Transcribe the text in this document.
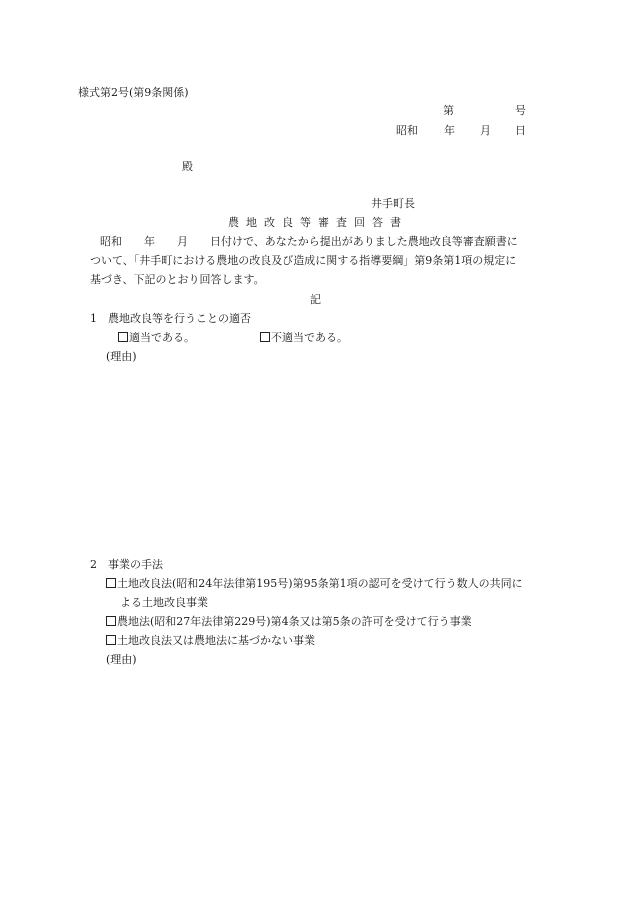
様式第2号(第9条関係)
第	号
昭和 年 月 日
殿
井手町長
農地改良等審査回答書
昭和　　年　　月　　日付けで、あなたから提出がありました農地改良等審査願書に
ついて、「井手町における農地の改良及び造成に関する指導要綱」第9条第1項の規定に
基づき、下記のとおり回答します。
記
1　農地改良等を行うことの適否
適当である。	不適当である。
(理由)
2　事業の手法
土地改良法(昭和24年法律第195号)第95条第1項の認可を受けて行う数人の共同に
よる土地改良事業
農地法(昭和27年法律第229号)第4条又は第5条の許可を受けて行う事業
土地改良法又は農地法に基づかない事業
(理由)
